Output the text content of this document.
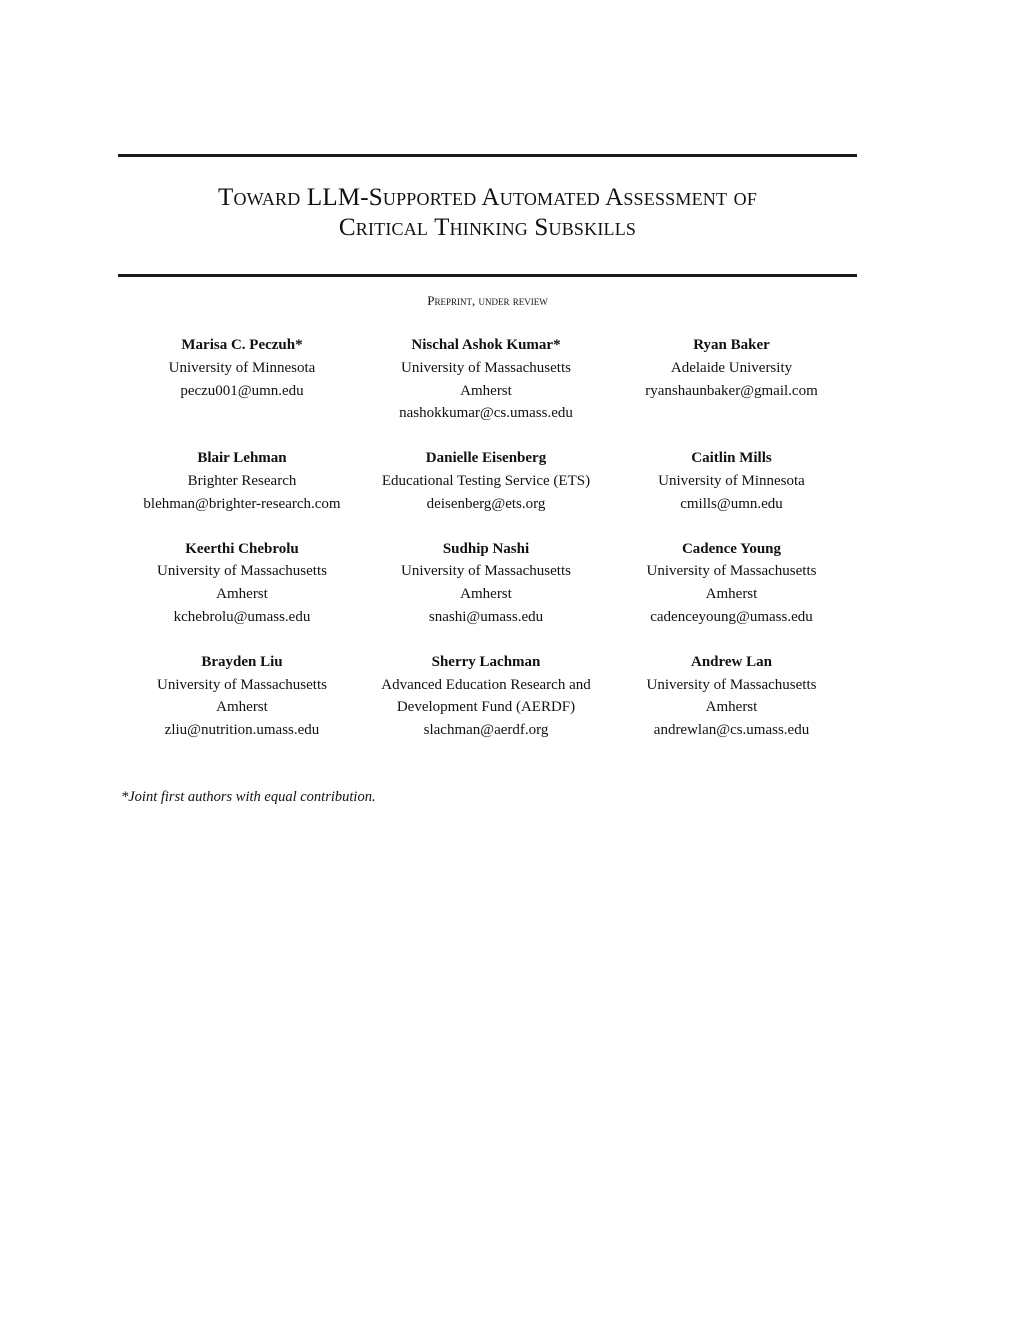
Toward LLM-Supported Automated Assessment of
Critical Thinking Subskills
Preprint, under review
Marisa C. Peczuh*
University of Minnesota
peczu001@umn.edu
Nischal Ashok Kumar*
University of Massachusetts
Amherst
nashokkumar@cs.umass.edu
Ryan Baker
Adelaide University
ryanshaunbaker@gmail.com
Blair Lehman
Brighter Research
blehman@brighter-research.com
Danielle Eisenberg
Educational Testing Service (ETS)
deisenberg@ets.org
Caitlin Mills
University of Minnesota
cmills@umn.edu
Keerthi Chebrolu
University of Massachusetts
Amherst
kchebrolu@umass.edu
Sudhip Nashi
University of Massachusetts
Amherst
snashi@umass.edu
Cadence Young
University of Massachusetts
Amherst
cadenceyoung@umass.edu
Brayden Liu
University of Massachusetts
Amherst
zliu@nutrition.umass.edu
Sherry Lachman
Advanced Education Research and
Development Fund (AERDF)
slachman@aerdf.org
Andrew Lan
University of Massachusetts
Amherst
andrewlan@cs.umass.edu
*Joint first authors with equal contribution.
